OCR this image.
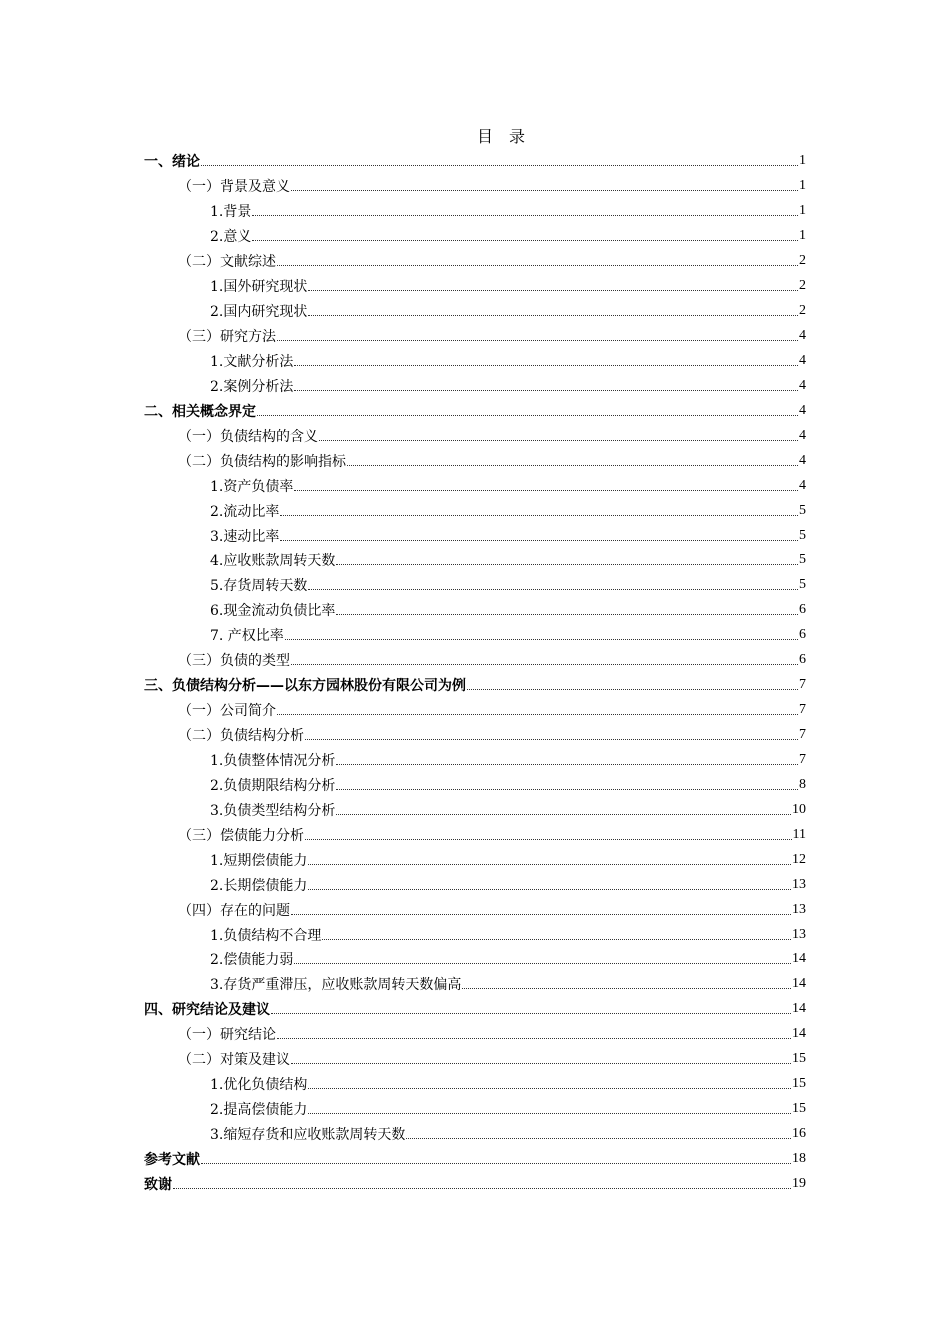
目　录
一、绪论	1
（一）背景及意义	1
1.背景	1
2.意义	1
（二）文献综述	2
1.国外研究现状	2
2.国内研究现状	2
（三）研究方法	4
1.文献分析法	4
2.案例分析法	4
二、相关概念界定	4
（一）负债结构的含义	4
（二）负债结构的影响指标	4
1.资产负债率	4
2.流动比率	5
3.速动比率	5
4.应收账款周转天数	5
5.存货周转天数	5
6.现金流动负债比率	6
7. 产权比率	6
（三）负债的类型	6
三、负债结构分析——以东方园林股份有限公司为例	7
（一）公司简介	7
（二）负债结构分析	7
1.负债整体情况分析	7
2.负债期限结构分析	8
3.负债类型结构分析	10
（三）偿债能力分析	11
1.短期偿债能力	12
2.长期偿债能力	13
（四）存在的问题	13
1.负债结构不合理	13
2.偿债能力弱	14
3.存货严重滞压，应收账款周转天数偏高	14
四、研究结论及建议	14
（一）研究结论	14
（二）对策及建议	15
1.优化负债结构	15
2.提高偿债能力	15
3.缩短存货和应收账款周转天数	16
参考文献	18
致谢	19
